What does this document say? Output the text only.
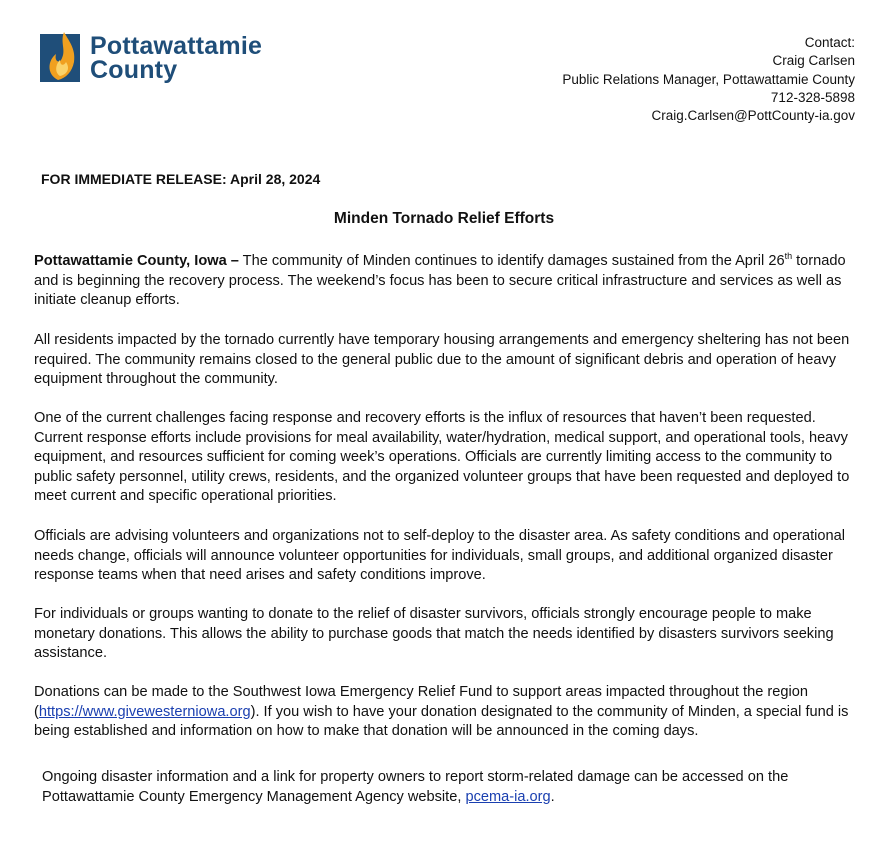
Pottawattamie
County
Contact:
Craig Carlsen
Public Relations Manager, Pottawattamie County
712-328-5898
Craig.Carlsen@PottCounty-ia.gov
FOR IMMEDIATE RELEASE: April 28, 2024
Minden Tornado Relief Efforts
Pottawattamie County, Iowa – The community of Minden continues to identify damages sustained from the April 26th tornado and is beginning the recovery process. The weekend’s focus has been to secure critical infrastructure and services as well as initiate cleanup efforts.
All residents impacted by the tornado currently have temporary housing arrangements and emergency sheltering has not been required. The community remains closed to the general public due to the amount of significant debris and operation of heavy equipment throughout the community.
One of the current challenges facing response and recovery efforts is the influx of resources that haven’t been requested. Current response efforts include provisions for meal availability, water/hydration, medical support, and operational tools, heavy equipment, and resources sufficient for coming week’s operations. Officials are currently limiting access to the community to public safety personnel, utility crews, residents, and the organized volunteer groups that have been requested and deployed to meet current and specific operational priorities.
Officials are advising volunteers and organizations not to self-deploy to the disaster area. As safety conditions and operational needs change, officials will announce volunteer opportunities for individuals, small groups, and additional organized disaster response teams when that need arises and safety conditions improve.
For individuals or groups wanting to donate to the relief of disaster survivors, officials strongly encourage people to make monetary donations. This allows the ability to purchase goods that match the needs identified by disasters survivors seeking assistance.
Donations can be made to the Southwest Iowa Emergency Relief Fund to support areas impacted throughout the region (https://www.givewesterniowa.org). If you wish to have your donation designated to the community of Minden, a special fund is being established and information on how to make that donation will be announced in the coming days.
Ongoing disaster information and a link for property owners to report storm-related damage can be accessed on the Pottawattamie County Emergency Management Agency website, pcema-ia.org.
